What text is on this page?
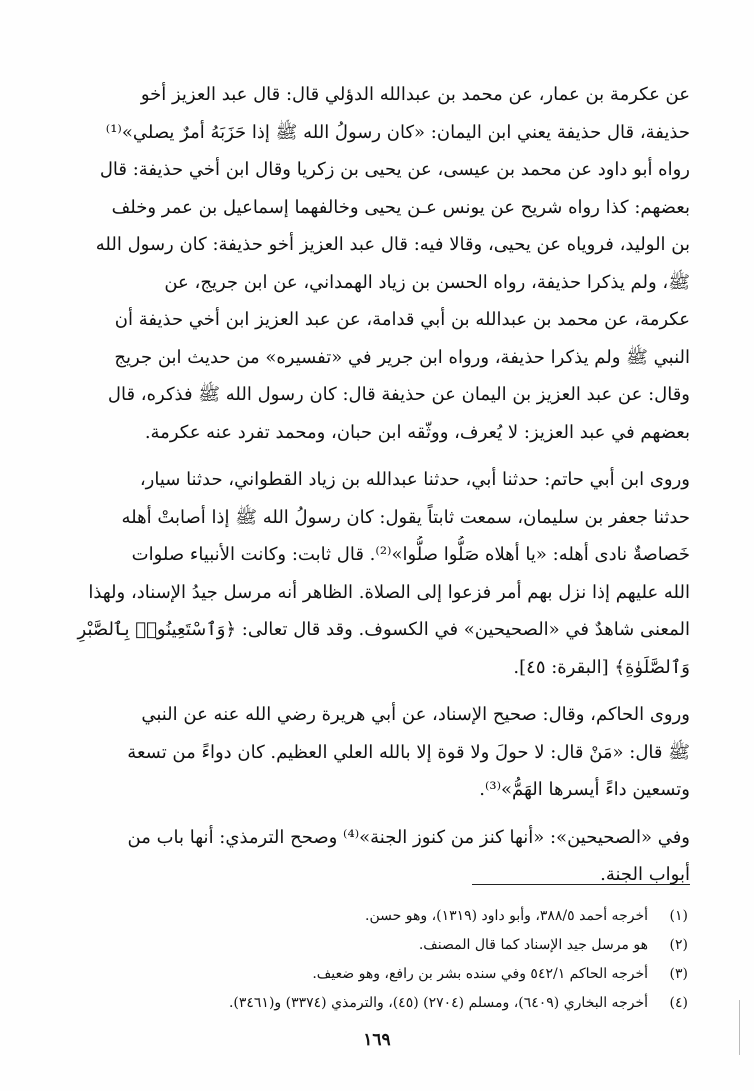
عن عكرمة بن عمار، عن محمد بن عبدالله الدؤلي قال: قال عبد العزيز أخو
حذيفة، قال حذيفة يعني ابن اليمان: «كان رسولُ الله ﷺ إذا حَزَبَهُ أمرٌ يصلي»⁽¹⁾
رواه أبو داود عن محمد بن عيسى، عن يحيى بن زكريا وقال ابن أخي حذيفة: قال
بعضهم: كذا رواه شريح عن يونس عـن يحيى وخالفهما إسماعيل بن عمر وخلف
بن الوليد، فروياه عن يحيى، وقالا فيه: قال عبد العزيز أخو حذيفة: كان رسول الله
ﷺ، ولم يذكرا حذيفة، رواه الحسن بن زياد الهمداني، عن ابن جريج، عن
عكرمة، عن محمد بن عبدالله بن أبي قدامة، عن عبد العزيز ابن أخي حذيفة أن
النبي ﷺ ولم يذكرا حذيفة، ورواه ابن جرير في «تفسيره» من حديث ابن جريج
وقال: عن عبد العزيز بن اليمان عن حذيفة قال: كان رسول الله ﷺ فذكره، قال
بعضهم في عبد العزيز: لا يُعرف، ووثّقه ابن حبان، ومحمد تفرد عنه عكرمة.

وروى ابن أبي حاتم: حدثنا أبي، حدثنا عبدالله بن زياد القطواني، حدثنا سيار،
حدثنا جعفر بن سليمان، سمعت ثابتاً يقول: كان رسولُ الله ﷺ إذا أصابتْ أهله
خَصاصةٌ نادى أهله: «يا أهلاه صَلُّوا صلُّوا»⁽²⁾. قال ثابت: وكانت الأنبياء صلوات
الله عليهم إذا نزل بهم أمر فزعوا إلى الصلاة. الظاهر أنه مرسل جيدُ الإسناد، ولهذا
المعنى شاهدٌ في «الصحيحين» في الكسوف. وقد قال تعالى: ﴿وَٱسْتَعِينُوا۟ بِٱلصَّبْرِ
وَٱلصَّلَوٰةِ﴾ [البقرة: ٤٥].

وروى الحاكم، وقال: صحيح الإسناد، عن أبي هريرة رضي الله عنه عن النبي
ﷺ قال: «مَنْ قال: لا حولَ ولا قوة إلا بالله العلي العظيم. كان دواءً من تسعة
وتسعين داءً أيسرها الهَمُّ»⁽³⁾.

وفي «الصحيحين»: «أنها كنز من كنوز الجنة»⁽⁴⁾ وصحح الترمذي: أنها باب من
أبواب الجنة.

(١)
أخرجه أحمد ٣٨٨/٥، وأبو داود (١٣١٩)، وهو حسن.
(٢)
هو مرسل جيد الإسناد كما قال المصنف.
(٣)
أخرجه الحاكم ٥٤٢/١ وفي سنده بشر بن رافع، وهو ضعيف.
(٤)
أخرجه البخاري (٦٤٠٩)، ومسلم (٢٧٠٤) (٤٥)، والترمذي (٣٣٧٤) و(٣٤٦١).
١٦٩
